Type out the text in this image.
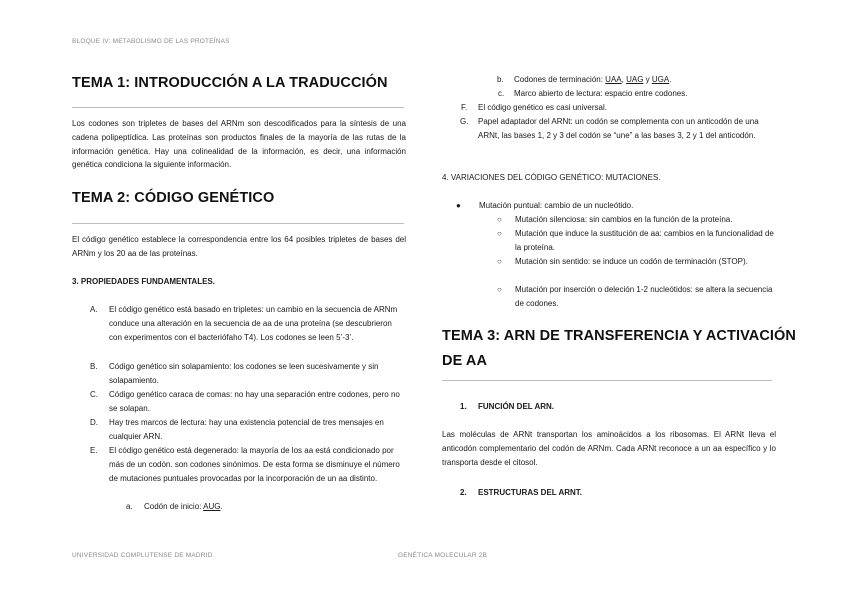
BLOQUE IV: METABOLISMO DE LAS PROTEÍNAS
UNIVERSIDAD COMPLUTENSE DE MADRID	GENÉTICA MOLECULAR 2B
TEMA 1: INTRODUCCIÓN A LA TRADUCCIÓN
Los codones son tripletes de bases del ARNm son descodificados para la síntesis de una cadena polipeptídica. Las proteínas son productos finales de la mayoría de las rutas de la información genética. Hay una colinealidad de la información, es decir, una información genética condiciona la siguiente información.
TEMA 2: CÓDIGO GENÉTICO
El código genético establece la correspondencia entre los 64 posibles tripletes de bases del ARNm y los 20 aa de las proteínas.
3. PROPIEDADES FUNDAMENTALES.
A. El código genético está basado en tripletes: un cambio en la secuencia de ARNm conduce una alteración en la secuencia de aa de una proteína (se descubrieron con experimentos con el bacteriófaho T4). Los codones se leen 5’-3’.
B. Código genético sin solapamiento: los codones se leen sucesivamente y sin solapamiento.
C. Código genético caraca de comas: no hay una separación entre codones, pero no se solapan.
D. Hay tres marcos de lectura: hay una existencia potencial de tres mensajes en cualquier ARN.
E. El código genético está degenerado: la mayoría de los aa está condicionado por más de un codón. son codones sinónimos. De esta forma se disminuye el número de mutaciones puntuales provocadas por la incorporación de un aa distinto.
a. Codón de inicio: AUG.
b. Codones de terminación: UAA, UAG y UGA.
c. Marco abierto de lectura: espacio entre codones.
F. El código genético es casi universal.
G. Papel adaptador del ARNt: un codón se complementa con un anticodón de una ARNt, las bases 1, 2 y 3 del codón se “une” a las bases 3, 2 y 1 del anticodón.
4. VARIACIONES DEL CÓDIGO GENÉTICO: MUTACIONES.
● Mutación puntual: cambio de un nucleótido.
○ Mutación silenciosa: sin cambios en la función de la proteína.
○ Mutación que induce la sustitución de aa: cambios en la funcionalidad de la proteína.
○ Mutación sin sentido: se induce un codón de terminación (STOP).
○ Mutación por inserción o deleción 1-2 nucleótidos: se altera la secuencia de codones.
TEMA 3: ARN DE TRANSFERENCIA Y ACTIVACIÓN
DE AA
1. FUNCIÓN DEL ARN.
Las moléculas de ARNt transportan los aminoácidos a los ribosomas. El ARNt lleva el anticodón complementario del codón de ARNm. Cada ARNt reconoce a un aa específico y lo transporta desde el citosol.
2. ESTRUCTURAS DEL ARNT.
